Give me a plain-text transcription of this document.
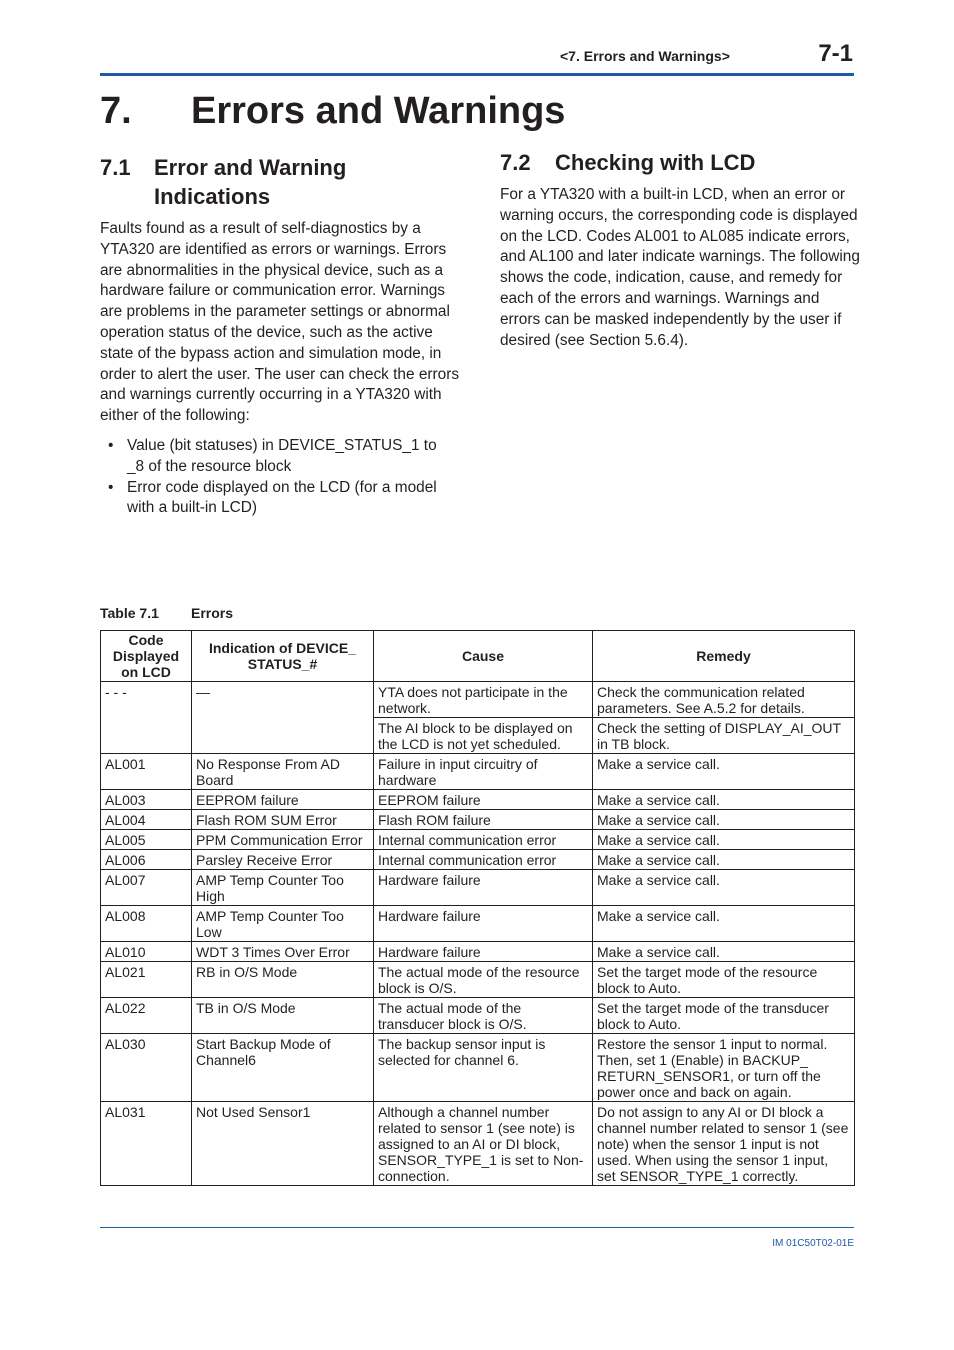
<7. Errors and Warnings>	7-1
7. Errors and Warnings
7.1 Error and Warning Indications

Faults found as a result of self-diagnostics by a YTA320 are identified as errors or warnings. Errors are abnormalities in the physical device, such as a hardware failure or communication error. Warnings are problems in the parameter settings or abnormal operation status of the device, such as the active state of the bypass action and simulation mode, in order to alert the user. The user can check the errors and warnings currently occurring in a YTA320 with either of the following:

• Value (bit statuses) in DEVICE_STATUS_1 to _8 of the resource block
• Error code displayed on the LCD (for a model with a built-in LCD)
7.2 Checking with LCD

For a YTA320 with a built-in LCD, when an error or warning occurs, the corresponding code is displayed on the LCD. Codes AL001 to AL085 indicate errors, and AL100 and later indicate warnings. The following shows the code, indication, cause, and remedy for each of the errors and warnings. Warnings and errors can be masked independently by the user if desired (see Section 5.6.4).

Table 7.1 Errors
Code Displayed on LCD	Indication of DEVICE_ STATUS_#	Cause	Remedy
- - -	—	YTA does not participate in the network.	Check the communication related parameters. See A.5.2 for details.
		The AI block to be displayed on the LCD is not yet scheduled.	Check the setting of DISPLAY_AI_OUT in TB block.
AL001	No Response From AD Board	Failure in input circuitry of hardware	Make a service call.
AL003	EEPROM failure	EEPROM failure	Make a service call.
AL004	Flash ROM SUM Error	Flash ROM failure	Make a service call.
AL005	PPM Communication Error	Internal communication error	Make a service call.
AL006	Parsley Receive Error	Internal communication error	Make a service call.
AL007	AMP Temp Counter Too High	Hardware failure	Make a service call.
AL008	AMP Temp Counter Too Low	Hardware failure	Make a service call.
AL010	WDT 3 Times Over Error	Hardware failure	Make a service call.
AL021	RB in O/S Mode	The actual mode of the resource block is O/S.	Set the target mode of the resource block to Auto.
AL022	TB in O/S Mode	The actual mode of the transducer block is O/S.	Set the target mode of the transducer block to Auto.
AL030	Start Backup Mode of Channel6	The backup sensor input is selected for channel 6.	Restore the sensor 1 input to normal. Then, set 1 (Enable) in BACKUP_ RETURN_SENSOR1, or turn off the power once and back on again.
AL031	Not Used Sensor1	Although a channel number related to sensor 1 (see note) is assigned to an AI or DI block, SENSOR_TYPE_1 is set to Non-connection.	Do not assign to any AI or DI block a channel number related to sensor 1 (see note) when the sensor 1 input is not used. When using the sensor 1 input, set SENSOR_TYPE_1 correctly.
IM 01C50T02-01E
